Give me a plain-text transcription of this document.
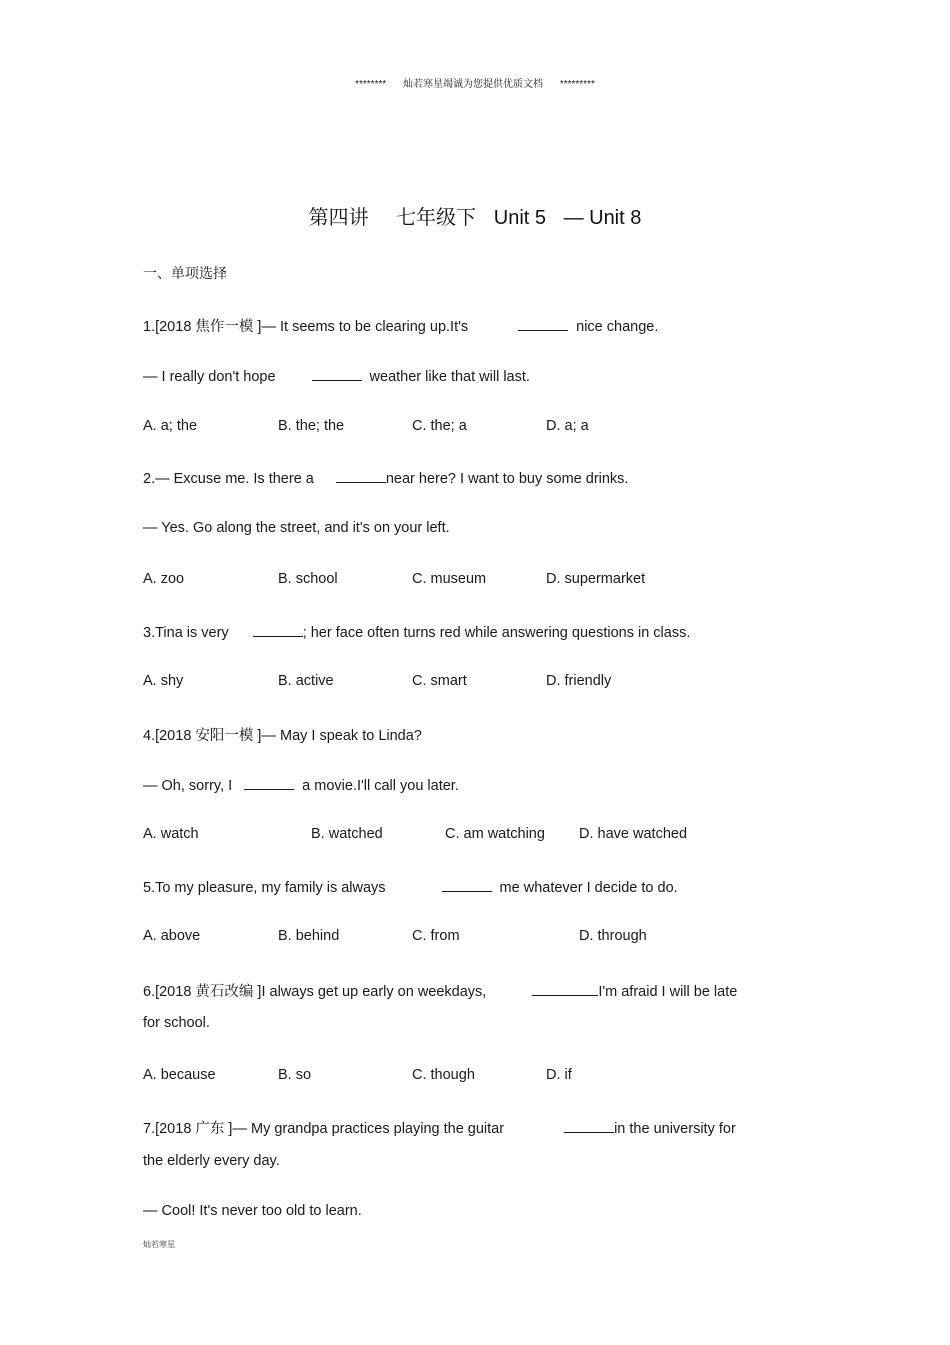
******** 灿若寒星竭诚为您提供优质文档 *********
第四讲 七年级下 Unit 5 — Unit 8
一、单项选择
1.[2018 焦作一模 ]— It seems to be clearing up.It's	nice change.
— I really don't hope	weather like that will last.
A. a; the	B. the; the	C. the; a	D. a; a
2.— Excuse me. Is there a	near here? I want to buy some drinks.
— Yes. Go along the street, and it's on your left.
A. zoo	B. school	C. museum	D. supermarket
3.Tina is very	; her face often turns red while answering questions in class.
A. shy	B. active	C. smart	D. friendly
4.[2018 安阳一模 ]— May I speak to Linda?
— Oh, sorry, I	a movie.I'll call you later.
A. watch	B. watched	C. am watching D. have watched
5.To my pleasure, my family is always	me whatever I decide to do.
A. above	B. behind	C. from	D. through
6.[2018 黄石改编 ]I always get up early on weekdays,	I'm afraid I will be late
for school.
A. because	B. so	C. though	D. if
7.[2018 广东 ]— My grandpa practices playing the guitar	in the university for
the elderly every day.
— Cool! It's never too old to learn.
灿若寒星
